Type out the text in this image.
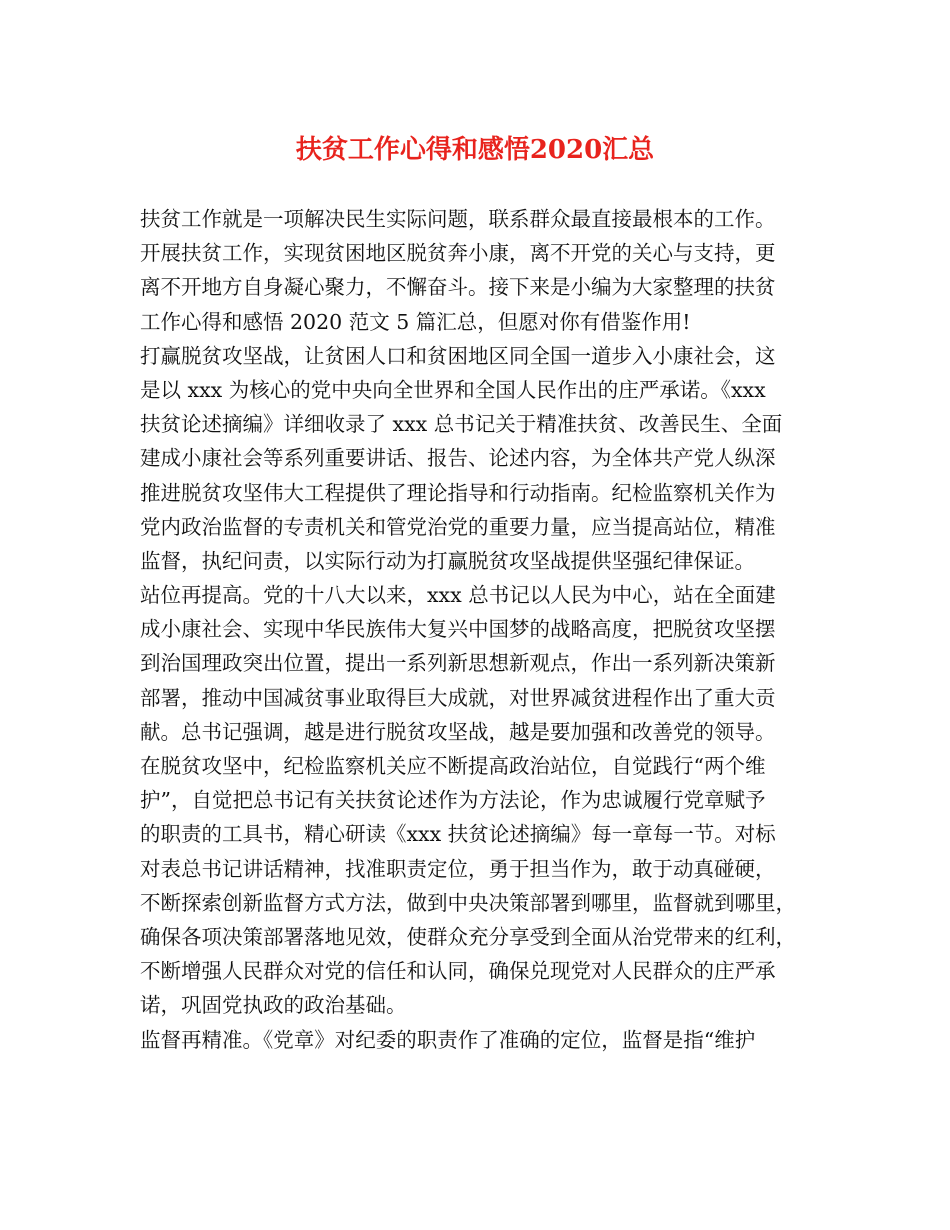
扶贫工作心得和感悟2020汇总
扶贫工作就是一项解决民生实际问题，联系群众最直接最根本的工作。
开展扶贫工作，实现贫困地区脱贫奔小康，离不开党的关心与支持，更
离不开地方自身凝心聚力，不懈奋斗。接下来是小编为大家整理的扶贫
工作心得和感悟 2020 范文 5 篇汇总，但愿对你有借鉴作用!
打赢脱贫攻坚战，让贫困人口和贫困地区同全国一道步入小康社会，这
是以 xxx 为核心的党中央向全世界和全国人民作出的庄严承诺。《xxx
扶贫论述摘编》详细收录了 xxx 总书记关于精准扶贫、改善民生、全面
建成小康社会等系列重要讲话、报告、论述内容，为全体共产党人纵深
推进脱贫攻坚伟大工程提供了理论指导和行动指南。纪检监察机关作为
党内政治监督的专责机关和管党治党的重要力量，应当提高站位，精准
监督，执纪问责，以实际行动为打赢脱贫攻坚战提供坚强纪律保证。
站位再提高。党的十八大以来，xxx 总书记以人民为中心，站在全面建
成小康社会、实现中华民族伟大复兴中国梦的战略高度，把脱贫攻坚摆
到治国理政突出位置，提出一系列新思想新观点，作出一系列新决策新
部署，推动中国减贫事业取得巨大成就，对世界减贫进程作出了重大贡
献。总书记强调，越是进行脱贫攻坚战，越是要加强和改善党的领导。
在脱贫攻坚中，纪检监察机关应不断提高政治站位，自觉践行“两个维
护”，自觉把总书记有关扶贫论述作为方法论，作为忠诚履行党章赋予
的职责的工具书，精心研读《xxx 扶贫论述摘编》每一章每一节。对标
对表总书记讲话精神，找准职责定位，勇于担当作为，敢于动真碰硬，
不断探索创新监督方式方法，做到中央决策部署到哪里，监督就到哪里，
确保各项决策部署落地见效，使群众充分享受到全面从治党带来的红利，
不断增强人民群众对党的信任和认同，确保兑现党对人民群众的庄严承
诺，巩固党执政的政治基础。
监督再精准。《党章》对纪委的职责作了准确的定位，监督是指“维护
